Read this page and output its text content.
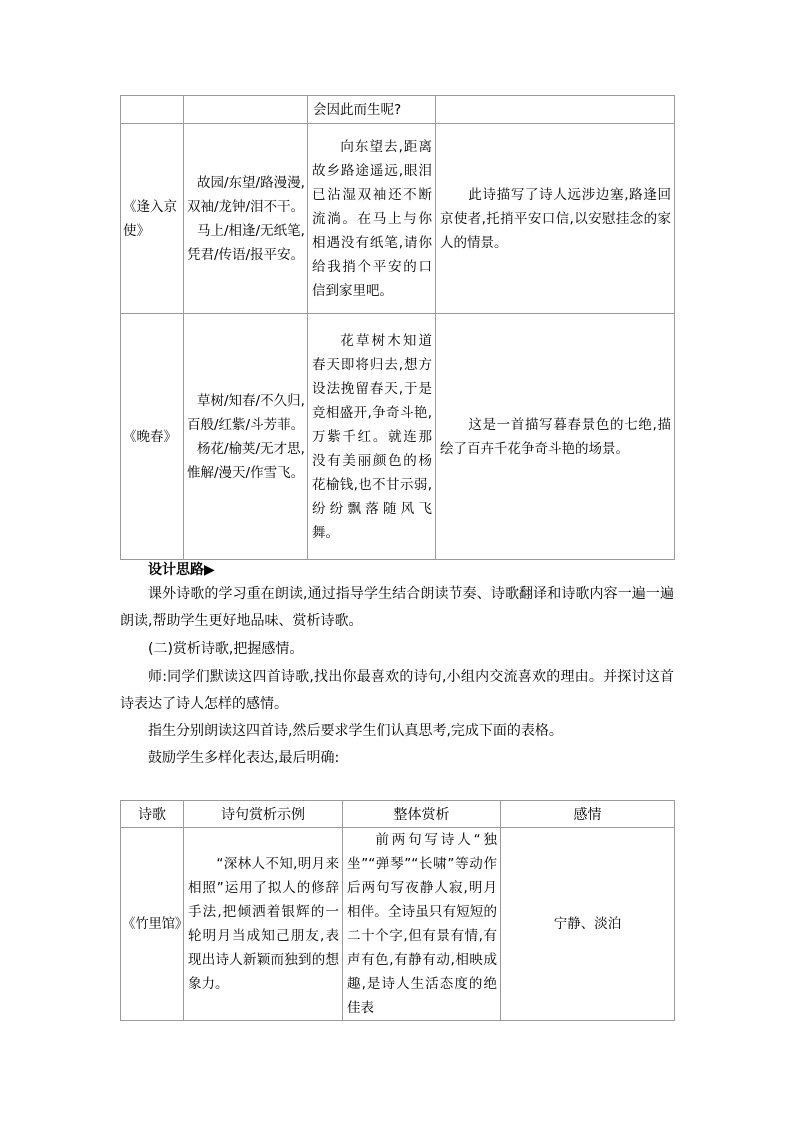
		会因此而生呢?	
《逢入京使》	故园/东望/路漫漫,
双袖/龙钟/泪不干。
马上/相逢/无纸笔,
凭君/传语/报平安。	向东望去,距离故乡路途遥远,眼泪已沾湿双袖还不断流淌。在马上与你相遇没有纸笔,请你给我捎个平安的口信到家里吧。	此诗描写了诗人远涉边塞,路逢回京使者,托捎平安口信,以安慰挂念的家人的情景。
《晚春》	草树/知春/不久归,
百般/红紫/斗芳菲。
杨花/榆荚/无才思,
惟解/漫天/作雪飞。	花草树木知道春天即将归去,想方设法挽留春天,于是竞相盛开,争奇斗艳,万紫千红。就连那没有美丽颜色的杨花榆钱,也不甘示弱,纷纷飘落随风飞舞。	这是一首描写暮春景色的七绝,描绘了百卉千花争奇斗艳的场景。
设计思路▶
课外诗歌的学习重在朗读,通过指导学生结合朗读节奏、诗歌翻译和诗歌内容一遍一遍朗读,帮助学生更好地品味、赏析诗歌。
(二)赏析诗歌,把握感情。
师:同学们默读这四首诗歌,找出你最喜欢的诗句,小组内交流喜欢的理由。并探讨这首诗表达了诗人怎样的感情。
指生分别朗读这四首诗,然后要求学生们认真思考,完成下面的表格。
鼓励学生多样化表达,最后明确:
诗歌	诗句赏析示例	整体赏析	感情
《竹里馆》	“深林人不知,明月来相照”运用了拟人的修辞手法,把倾洒着银辉的一轮明月当成知己朋友,表现出诗人新颖而独到的想象力。	前两句写诗人“独坐”“弹琴”“长啸”等动作后两句写夜静人寂,明月相伴。全诗虽只有短短的二十个字,但有景有情,有声有色,有静有动,相映成趣,是诗人生活态度的绝佳表	宁静、淡泊
